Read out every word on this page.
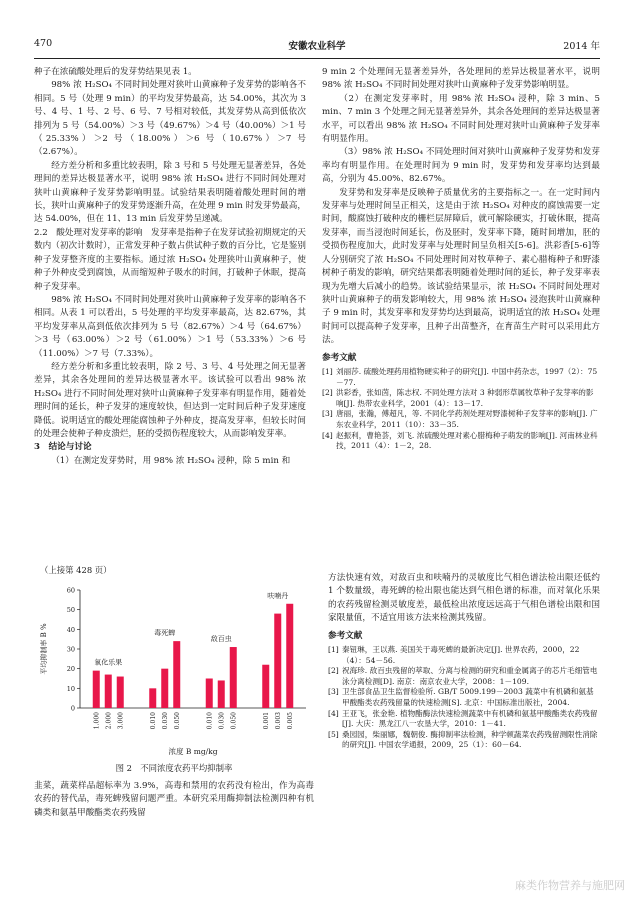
470	安徽农业科学	2014 年

种子在浓硫酸处理后的发芽势结果见表 1。

98% 浓 H₂SO₄ 不同时间处理对狭叶山黄麻种子发芽势的影响各不相同。5 号（处理 9 min）的平均发芽势最高，达 54.00%，其次为 3 号、4 号、1 号、2 号、6 号、7 号相对较低，其发芽势从高到低依次排列为 5 号（54.00%）＞3 号（49.67%）＞4 号（40.00%）＞1 号（25.33%）＞2 号（18.00%）＞6 号（10.67%）＞7 号（2.67%）。

经方差分析和多重比较表明，除 3 号和 5 号处理无显著差异，各处理间的差异达极显著水平，说明 98% 浓 H₂SO₄ 进行不同时间处理对狭叶山黄麻种子发芽势影响明显。试验结果表明随着酸处理时间的增长，狭叶山黄麻种子的发芽势逐渐升高，在处理 9 min 时发芽势最高，达 54.00%，但在 11、13 min 后发芽势呈递减。

2.2　酸处理对发芽率的影响　发芽率是指种子在发芽试验初期规定的天数内（初次计数时），正常发芽种子数占供试种子数的百分比，它是鉴别种子发芽整齐度的主要指标。通过浓 H₂SO₄ 处理狭叶山黄麻种子，使种子外种皮受到腐蚀，从而缩短种子吸水的时间，打破种子休眠，提高种子发芽率。

98% 浓 H₂SO₄ 不同时间处理对狭叶山黄麻种子发芽率的影响各不相同。从表 1 可以看出，5 号处理的平均发芽率最高，达 82.67%，其平均发芽率从高到低依次排列为 5 号（82.67%）＞4 号（64.67%）＞3 号（63.00%）＞2 号（61.00%）＞1 号（53.33%）＞6 号（11.00%）＞7 号（7.33%）。

经方差分析和多重比较表明，除 2 号、3 号、4 号处理之间无显著差异，其余各处理间的差异达极显著水平。该试验可以看出 98% 浓 H₂SO₄ 进行不同时间处理对狭叶山黄麻种子发芽率有明显作用，随着处理时间的延长，种子发芽的速度较快，但达到一定时间后种子发芽速度降低。说明适宜的酸处理能腐蚀种子外种皮，提高发芽率，但较长时间的处理会使种子种皮溃烂，胚的受损伤程度较大，从而影响发芽率。

3　结论与讨论

（1）在测定发芽势时，用 98% 浓 H₂SO₄ 浸种，除 5 min 和

9 min 2 个处理间无显著差异外，各处理间的差异达极显著水平，说明 98% 浓 H₂SO₄ 不同时间处理对狭叶山黄麻种子发芽势影响明显。

（2）在测定发芽率时，用 98% 浓 H₂SO₄ 浸种，除 3 min、5 min、7 min 3 个处理之间无显著差异外，其余各处理间的差异达极显著水平，可以看出 98% 浓 H₂SO₄ 不同时间处理对狭叶山黄麻种子发芽率有明显作用。

（3）98% 浓 H₂SO₄ 不同处理时间对狭叶山黄麻种子发芽势和发芽率均有明显作用。在处理时间为 9 min 时，发芽势和发芽率均达到最高，分别为 45.00%、82.67%。

发芽势和发芽率是反映种子质量优劣的主要指标之一。在一定时间内发芽率与处理时间呈正相关，这是由于浓 H₂SO₄ 对种皮的腐蚀需要一定时间，酸腐蚀打破种皮的栅栏层屏障后，就可解除硬实，打破休眠，提高发芽率，而当浸泡时间延长，伤及胚时，发芽率下降，随时间增加，胚的受损伤程度加大，此时发芽率与处理时间呈负相关[5-6]。洪彩香[5-6]等人分别研究了浓 H₂SO₄ 不同处理时间对牧草种子、素心腊梅种子和野漆树种子萌发的影响，研究结果都表明随着处理时间的延长，种子发芽率表现为先增大后减小的趋势。该试验结果显示，浓 H₂SO₄ 不同时间处理对狭叶山黄麻种子的萌发影响较大，用 98% 浓 H₂SO₄ 浸泡狭叶山黄麻种子 9 min 时，其发芽率和发芽势均达到最高，说明适宜的浓 H₂SO₄ 处理时间可以提高种子发芽率，且种子出苗整齐，在育苗生产时可以采用此方法。

参考文献
[1] 刘丽莎. 硫酸处理药用植物硬实种子的研究[J]. 中国中药杂志，1997（2）：75－77.
[2] 洪彩香，张如茵，陈志权. 不同处理方法对 3 种弱形草属牧草种子发芽率的影响[J]. 热带农业科学，2001（4）：13－17.
[3] 唐丽，张瀚，傅超凡，等. 不同化学药剂处理对野漆树种子发芽率的影响[J]. 广东农业科学，2011（10）：33－35.
[4] 赵振利，曹艳荟，刘飞. 浓硫酸处理对素心腊梅种子萌发的影响[J]. 河南林业科技，2011（4）：1－2，28.
（上接第 428 页）
0
10
20
30
40
50
60
平均抑制率 B %
浓度 B mg/kg
1.000 2.000 3.000
氧化乐果
0.010 0.030 0.050
毒死蜱
0.010 0.030 0.050
敌百虫
0.001 0.003 0.005
呋喃丹
图 2　不同浓度农药平均抑制率

韭菜，蔬菜样品超标率为 3.9%，高毒和禁用的农药没有检出，作为高毒农药的替代品，毒死蜱残留问题严重。本研究采用酶抑制法检测四种有机磷类和氨基甲酸酯类农药残留

方法快速有效，对敌百虫和呋喃丹的灵敏度比气相色谱法检出限还低约 1 个数量级，毒死蜱的检出限也能达到气相色谱的标准，而对氧化乐果的农药残留检测灵敏度差，最低检出浓度远远高于气相色谱检出限和国家限量值，不适宜用该方法来检测其残留。

参考文献
[1] 秦钮琳，王以燕. 美国关于毒死蜱的最新决定[J]. 世界农药，2000，22（4）：54－56.
[2] 祝海珍. 敌百虫残留的萃取、分离与检测的研究和重金属离子的芯片毛细管电泳分离检测[D]. 南京：南京农业大学，2008：1－109.
[3] 卫生部食品卫生监督检验所. GB/T 5009.199－2003 蔬菜中有机磷和氨基甲酸酯类农药残留量的快速检测[S]. 北京：中国标准出版社，2004.
[4] 王亚飞，张金艳. 植物酯酶法快速检测蔬菜中有机磷和氨基甲酸酯类农药残留[J]. 大庆：黑龙江八一农垦大学，2010：1－41.
[5] 桑园园，柴丽娜，魏朝俊. 酶抑制率法检测，种学顿蔬菜农药残留测限性消除的研究[J]. 中国农学通报，2009，25（1）：60－64.
麻类作物营养与施肥网
